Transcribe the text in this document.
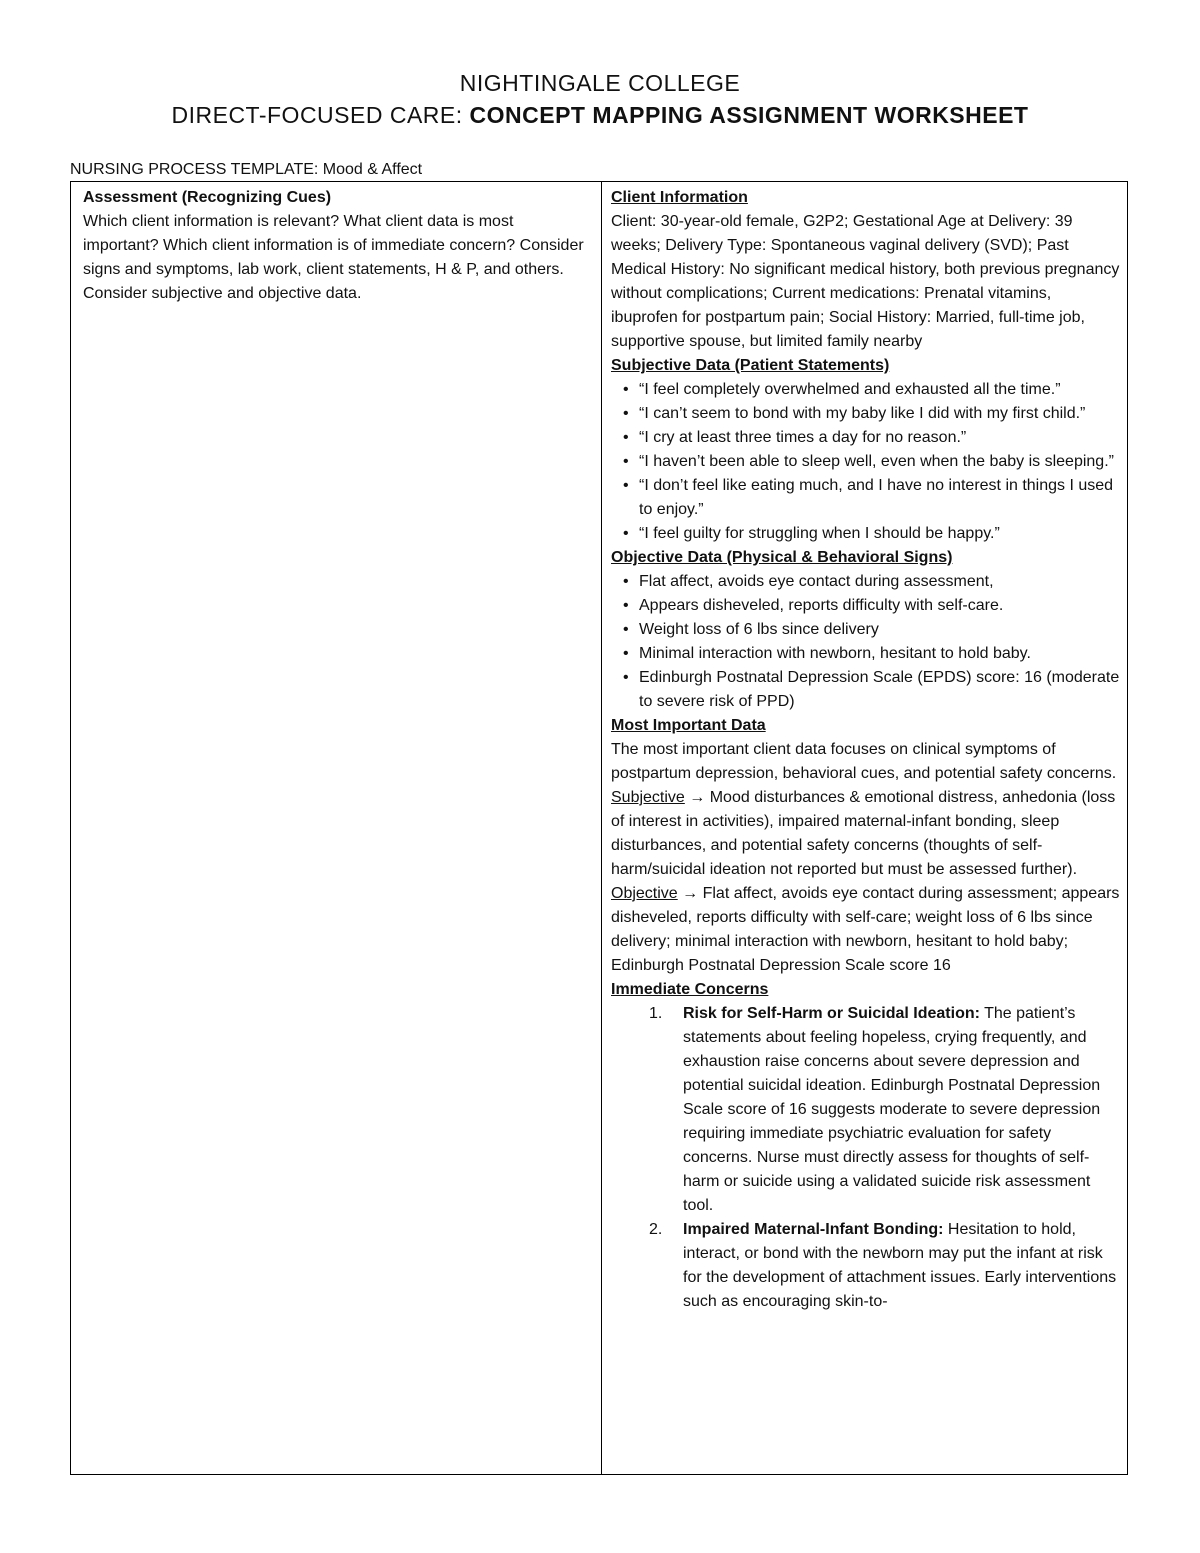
NIGHTINGALE COLLEGE
DIRECT-FOCUSED CARE: CONCEPT MAPPING ASSIGNMENT WORKSHEET
NURSING PROCESS TEMPLATE: Mood & Affect
Assessment (Recognizing Cues)
Which client information is relevant? What client data is most important? Which client information is of immediate concern? Consider signs and symptoms, lab work, client statements, H & P, and others. Consider subjective and objective data.
Client Information
Client: 30-year-old female, G2P2; Gestational Age at Delivery: 39 weeks; Delivery Type: Spontaneous vaginal delivery (SVD); Past Medical History: No significant medical history, both previous pregnancy without complications; Current medications: Prenatal vitamins, ibuprofen for postpartum pain; Social History: Married, full-time job, supportive spouse, but limited family nearby
Subjective Data (Patient Statements)
• “I feel completely overwhelmed and exhausted all the time.”
• “I can’t seem to bond with my baby like I did with my first child.”
• “I cry at least three times a day for no reason.”
• “I haven’t been able to sleep well, even when the baby is sleeping.”
• “I don’t feel like eating much, and I have no interest in things I used to enjoy.”
• “I feel guilty for struggling when I should be happy.”
Objective Data (Physical & Behavioral Signs)
• Flat affect, avoids eye contact during assessment,
• Appears disheveled, reports difficulty with self-care.
• Weight loss of 6 lbs since delivery
• Minimal interaction with newborn, hesitant to hold baby.
• Edinburgh Postnatal Depression Scale (EPDS) score: 16 (moderate to severe risk of PPD)
Most Important Data
The most important client data focuses on clinical symptoms of postpartum depression, behavioral cues, and potential safety concerns.
Subjective → Mood disturbances & emotional distress, anhedonia (loss of interest in activities), impaired maternal-infant bonding, sleep disturbances, and potential safety concerns (thoughts of self-harm/suicidal ideation not reported but must be assessed further).
Objective → Flat affect, avoids eye contact during assessment; appears disheveled, reports difficulty with self-care; weight loss of 6 lbs since delivery; minimal interaction with newborn, hesitant to hold baby; Edinburgh Postnatal Depression Scale score 16
Immediate Concerns
1. Risk for Self-Harm or Suicidal Ideation: The patient’s statements about feeling hopeless, crying frequently, and exhaustion raise concerns about severe depression and potential suicidal ideation. Edinburgh Postnatal Depression Scale score of 16 suggests moderate to severe depression requiring immediate psychiatric evaluation for safety concerns. Nurse must directly assess for thoughts of self-harm or suicide using a validated suicide risk assessment tool.
2. Impaired Maternal-Infant Bonding: Hesitation to hold, interact, or bond with the newborn may put the infant at risk for the development of attachment issues. Early interventions such as encouraging skin-to-
